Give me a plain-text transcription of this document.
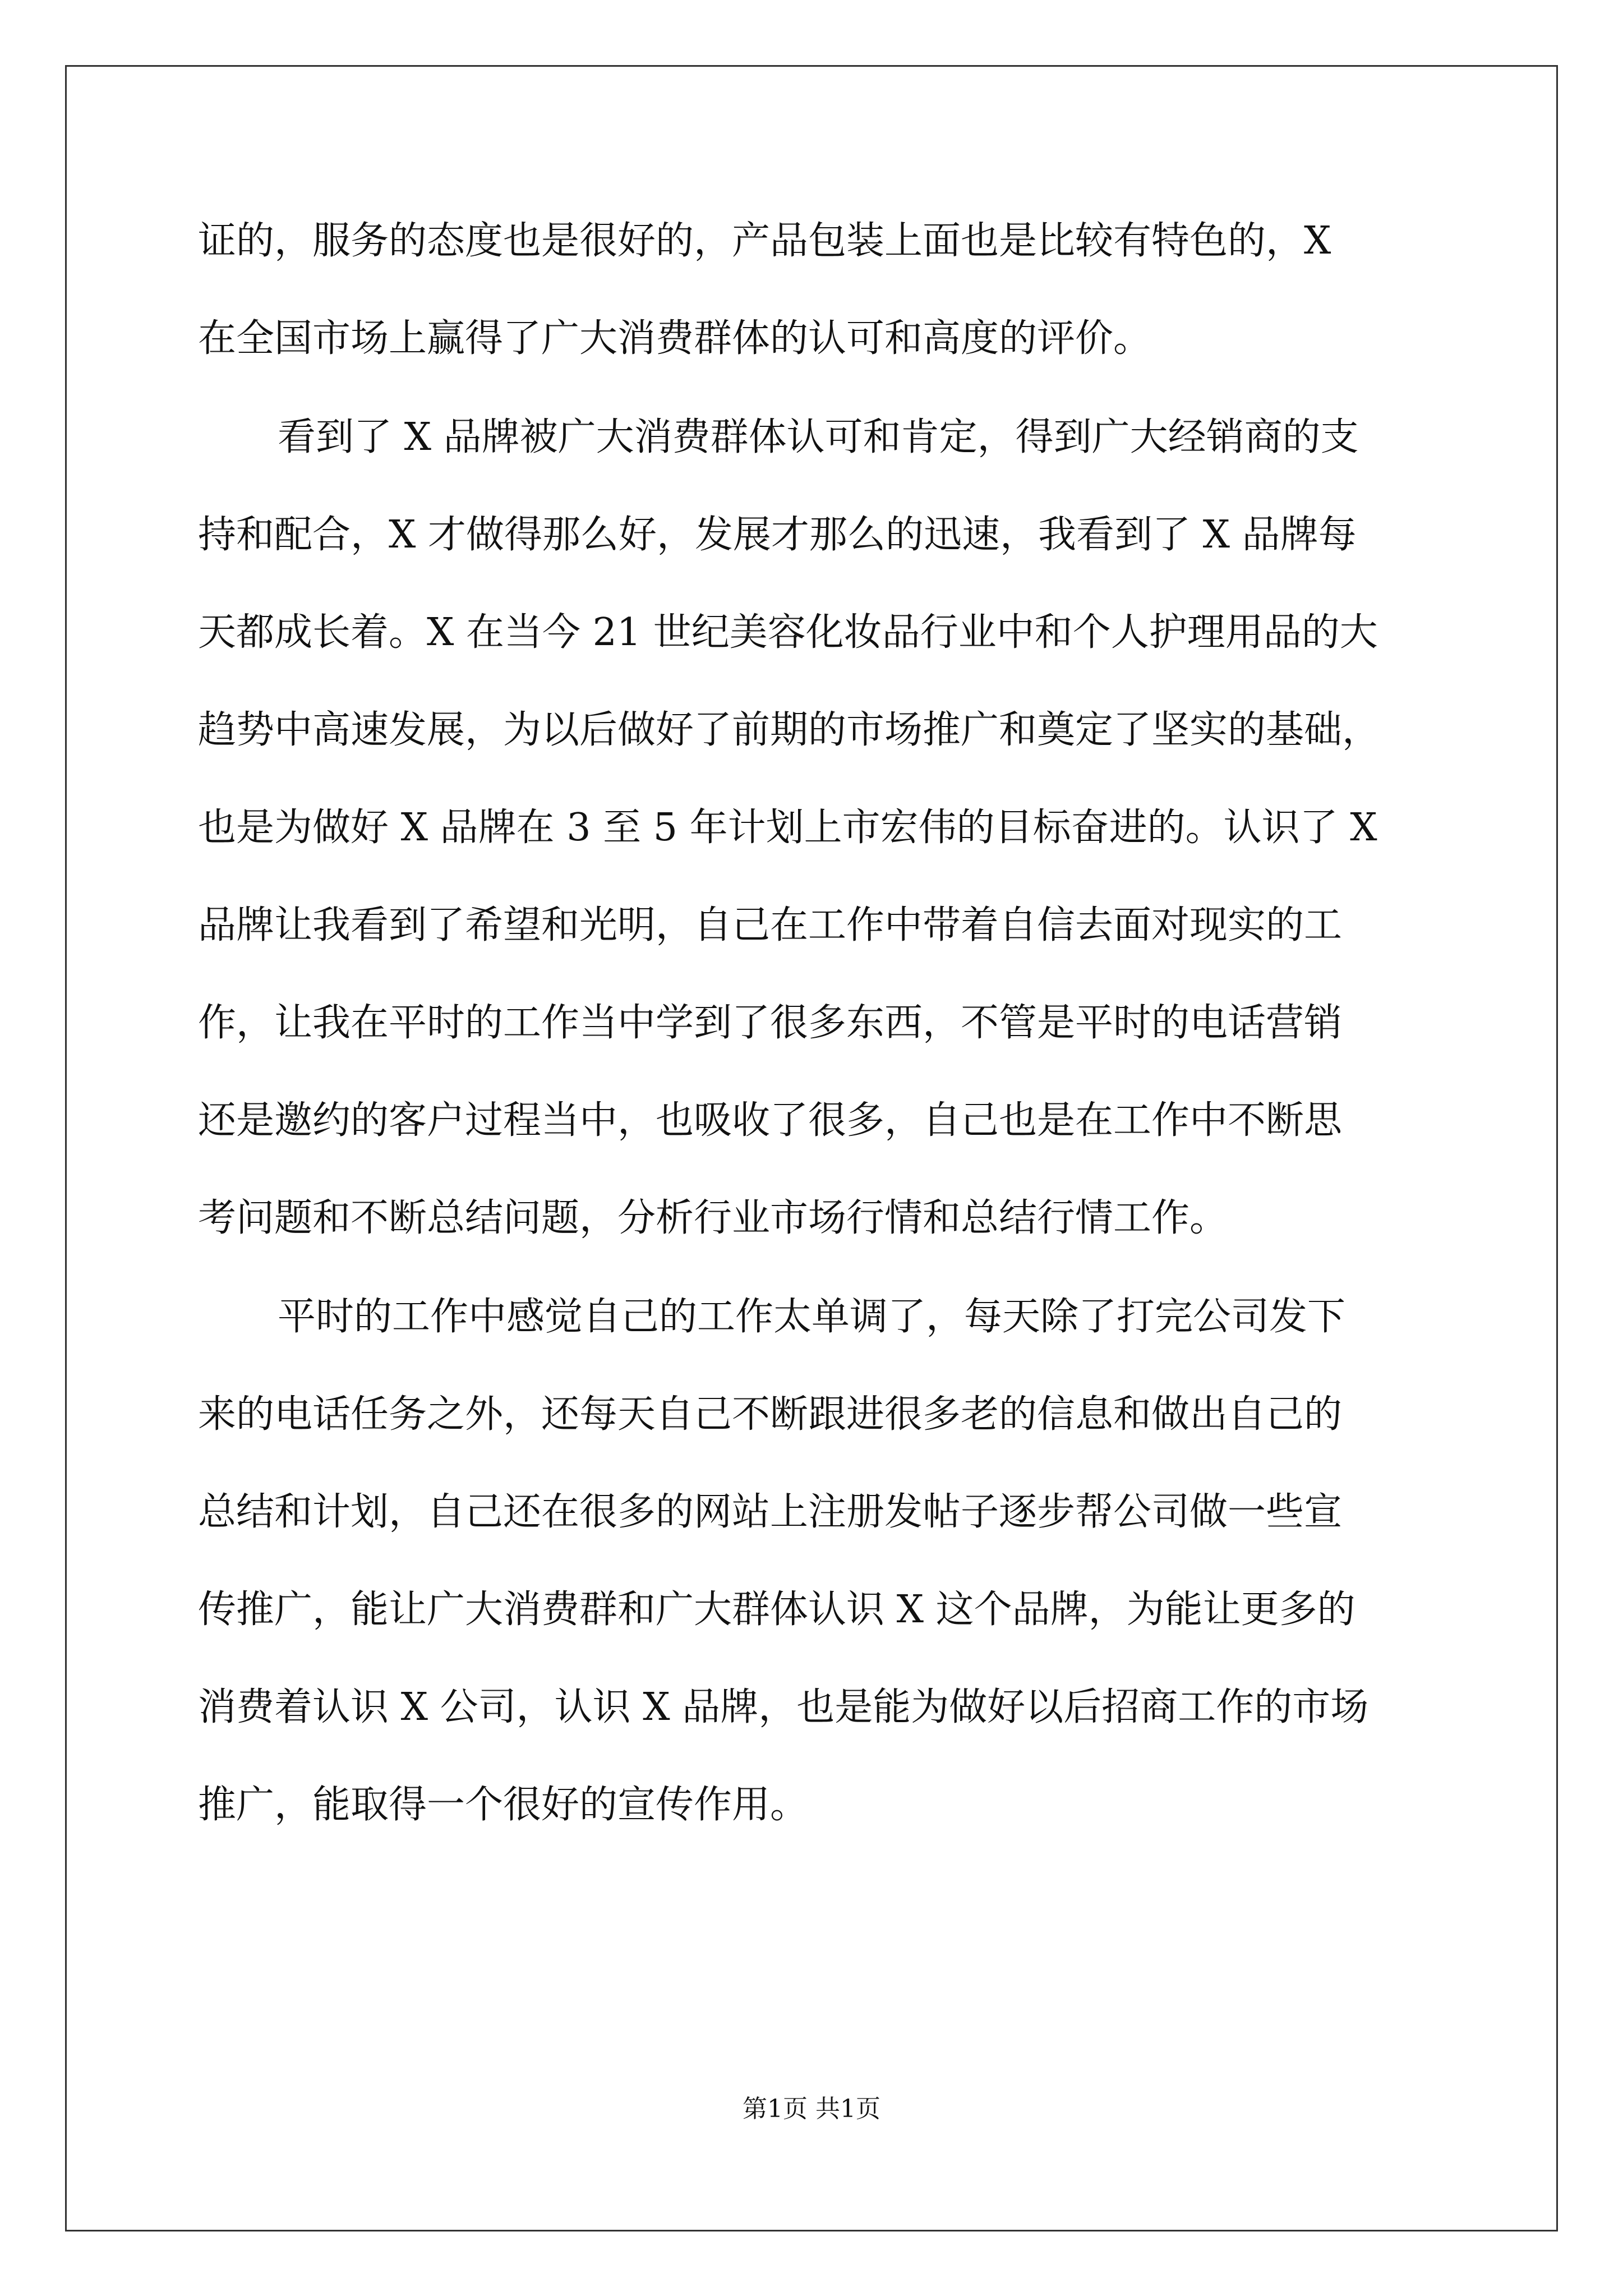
证的，服务的态度也是很好的，产品包装上面也是比较有特色的，X
在全国市场上赢得了广大消费群体的认可和高度的评价。
看到了 X 品牌被广大消费群体认可和肯定，得到广大经销商的支
持和配合，X 才做得那么好，发展才那么的迅速，我看到了 X 品牌每
天都成长着。X 在当今 21 世纪美容化妆品行业中和个人护理用品的大
趋势中高速发展，为以后做好了前期的市场推广和奠定了坚实的基础，
也是为做好 X 品牌在 3 至 5 年计划上市宏伟的目标奋进的。认识了 X
品牌让我看到了希望和光明，自己在工作中带着自信去面对现实的工
作，让我在平时的工作当中学到了很多东西，不管是平时的电话营销
还是邀约的客户过程当中，也吸收了很多，自己也是在工作中不断思
考问题和不断总结问题，分析行业市场行情和总结行情工作。
平时的工作中感觉自己的工作太单调了，每天除了打完公司发下
来的电话任务之外，还每天自己不断跟进很多老的信息和做出自己的
总结和计划，自己还在很多的网站上注册发帖子逐步帮公司做一些宣
传推广，能让广大消费群和广大群体认识 X 这个品牌，为能让更多的
消费着认识 X 公司，认识 X 品牌，也是能为做好以后招商工作的市场
推广，能取得一个很好的宣传作用。
第1页 共1页
